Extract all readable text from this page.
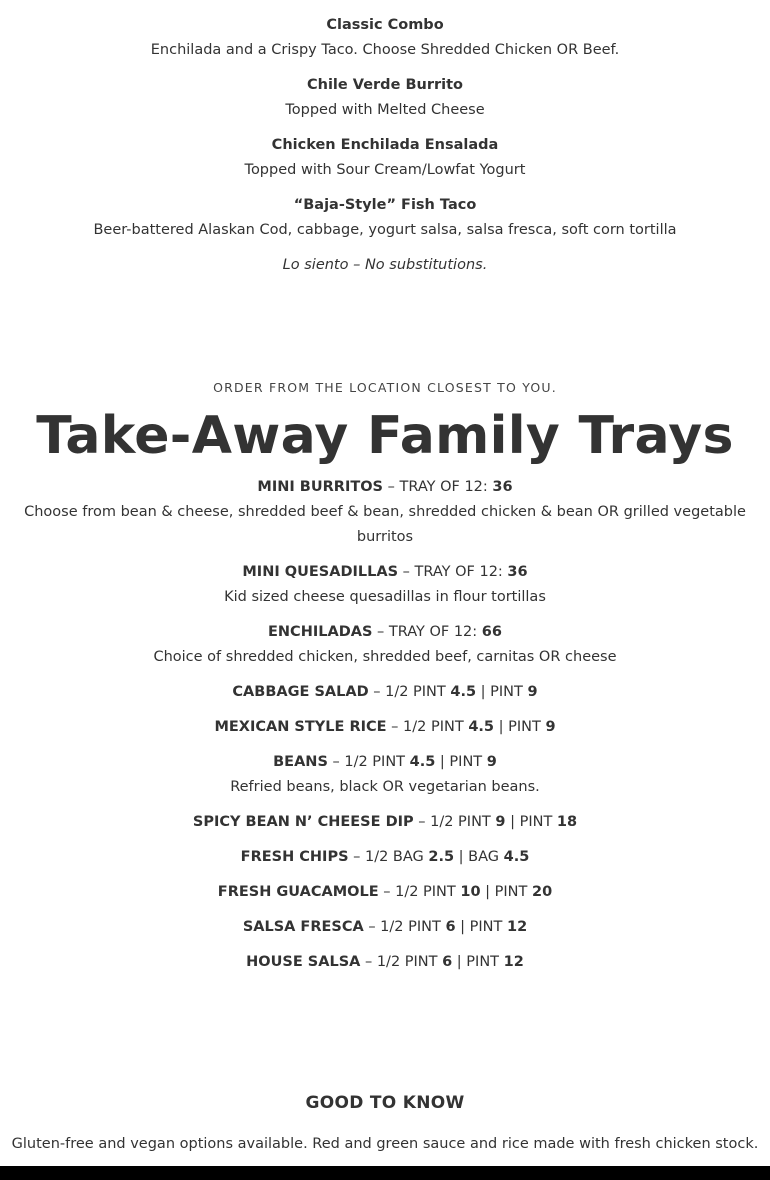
Classic Combo
Enchilada and a Crispy Taco. Choose Shredded Chicken OR Beef.
Chile Verde Burrito
Topped with Melted Cheese
Chicken Enchilada Ensalada
Topped with Sour Cream/Lowfat Yogurt
“Baja-Style” Fish Taco
Beer-battered Alaskan Cod, cabbage, yogurt salsa, salsa fresca, soft corn tortilla
Lo siento – No substitutions.
ORDER FROM THE LOCATION CLOSEST TO YOU.
Take-Away Family Trays
MINI BURRITOS – TRAY OF 12: 36
Choose from bean & cheese, shredded beef & bean, shredded chicken & bean OR grilled vegetable burritos
MINI QUESADILLAS – TRAY OF 12: 36
Kid sized cheese quesadillas in flour tortillas
ENCHILADAS – TRAY OF 12: 66
Choice of shredded chicken, shredded beef, carnitas OR cheese
CABBAGE SALAD – 1/2 PINT 4.5 | PINT 9
MEXICAN STYLE RICE – 1/2 PINT 4.5 | PINT 9
BEANS – 1/2 PINT 4.5 | PINT 9
Refried beans, black OR vegetarian beans.
SPICY BEAN N’ CHEESE DIP – 1/2 PINT 9 | PINT 18
FRESH CHIPS – 1/2 BAG 2.5 | BAG 4.5
FRESH GUACAMOLE – 1/2 PINT 10 | PINT 20
SALSA FRESCA – 1/2 PINT 6 | PINT 12
HOUSE SALSA – 1/2 PINT 6 | PINT 12
GOOD TO KNOW
Gluten-free and vegan options available. Red and green sauce and rice made with fresh chicken stock.
